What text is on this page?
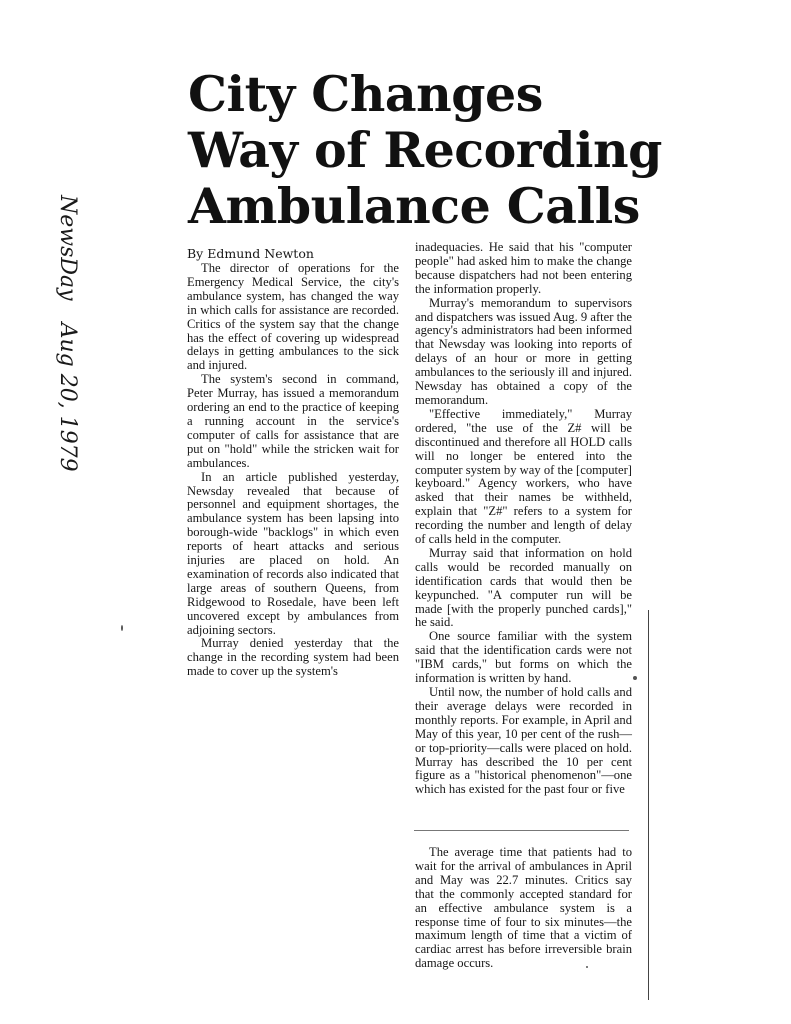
NewsDayAug 20, 1979
City Changes
Way of Recording
Ambulance Calls
By Edmund Newton

The director of operations for the Emergency Medical Service, the city's ambulance system, has changed the way in which calls for assistance are recorded. Critics of the system say that the change has the effect of covering up widespread delays in getting ambulances to the sick and injured.

The system's second in command, Peter Murray, has issued a memorandum ordering an end to the practice of keeping a running account in the service's computer of calls for assistance that are put on "hold" while the stricken wait for ambulances.

In an article published yesterday, Newsday revealed that because of personnel and equipment shortages, the ambulance system has been lapsing into borough-wide "backlogs" in which even reports of heart attacks and serious injuries are placed on hold. An examination of records also indicated that large areas of southern Queens, from Ridgewood to Rosedale, have been left uncovered except by ambulances from adjoining sectors.

Murray denied yesterday that the change in the recording system had been made to cover up the system's

inadequacies. He said that his "computer people" had asked him to make the change because dispatchers had not been entering the information properly.

Murray's memorandum to supervisors and dispatchers was issued Aug. 9 after the agency's administrators had been informed that Newsday was looking into reports of delays of an hour or more in getting ambulances to the seriously ill and injured. Newsday has obtained a copy of the memorandum.

"Effective immediately," Murray ordered, "the use of the Z# will be discontinued and therefore all HOLD calls will no longer be entered into the computer system by way of the [computer] keyboard." Agency workers, who have asked that their names be withheld, explain that "Z#" refers to a system for recording the number and length of delay of calls held in the computer.

Murray said that information on hold calls would be recorded manually on identification cards that would then be keypunched. "A computer run will be made [with the properly punched cards]," he said.

One source familiar with the system said that the identification cards were not "IBM cards," but forms on which the information is written by hand.

Until now, the number of hold calls and their average delays were recorded in monthly reports. For example, in April and May of this year, 10 per cent of the rush—or top-priority—calls were placed on hold. Murray has described the 10 per cent figure as a "historical phenomenon"—one which has existed for the past four or five

The average time that patients had to wait for the arrival of ambulances in April and May was 22.7 minutes. Critics say that the commonly accepted standard for an effective ambulance system is a response time of four to six minutes—the maximum length of time that a victim of cardiac arrest has before irreversible brain damage occurs.
